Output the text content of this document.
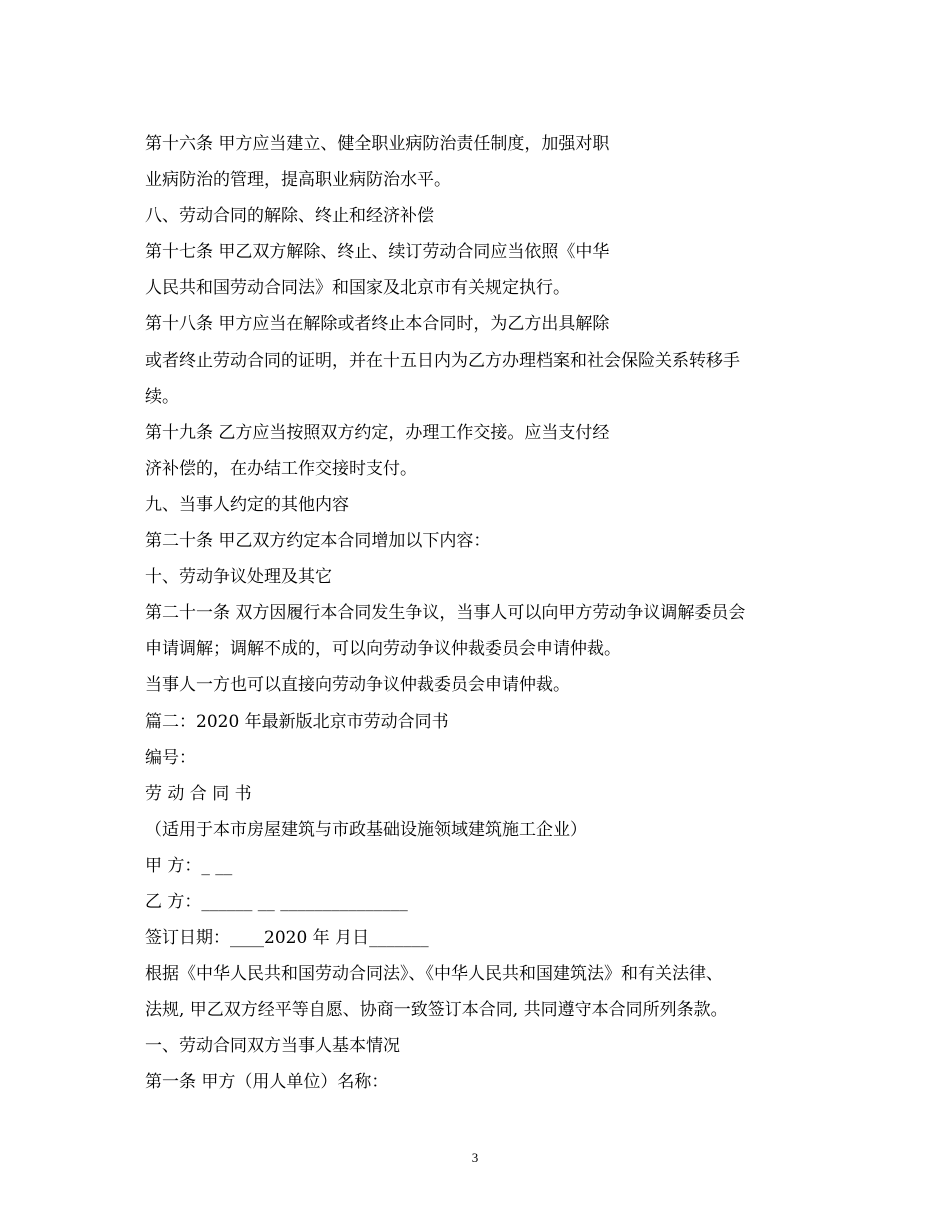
第十六条 甲方应当建立、健全职业病防治责任制度，加强对职
业病防治的管理，提高职业病防治水平。
八、劳动合同的解除、终止和经济补偿
第十七条 甲乙双方解除、终止、续订劳动合同应当依照《中华
人民共和国劳动合同法》和国家及北京市有关规定执行。
第十八条 甲方应当在解除或者终止本合同时，为乙方出具解除
或者终止劳动合同的证明，并在十五日内为乙方办理档案和社会保险关系转移手
续。
第十九条 乙方应当按照双方约定，办理工作交接。应当支付经
济补偿的，在办结工作交接时支付。
九、当事人约定的其他内容
第二十条 甲乙双方约定本合同增加以下内容：
十、劳动争议处理及其它
第二十一条 双方因履行本合同发生争议，当事人可以向甲方劳动争议调解委员会
申请调解；调解不成的，可以向劳动争议仲裁委员会申请仲裁。
当事人一方也可以直接向劳动争议仲裁委员会申请仲裁。
篇二：2020 年最新版北京市劳动合同书
编号：
劳 动 合 同 书
（适用于本市房屋建筑与市政基础设施领域建筑施工企业）
甲 方：_ __
乙 方：______ __ _______________
签订日期：____2020 年 月日_______
根据《中华人民共和国劳动合同法》、《中华人民共和国建筑法》和有关法律、
法规, 甲乙双方经平等自愿、协商一致签订本合同, 共同遵守本合同所列条款。
一、劳动合同双方当事人基本情况
第一条 甲方（用人单位）名称：
3
